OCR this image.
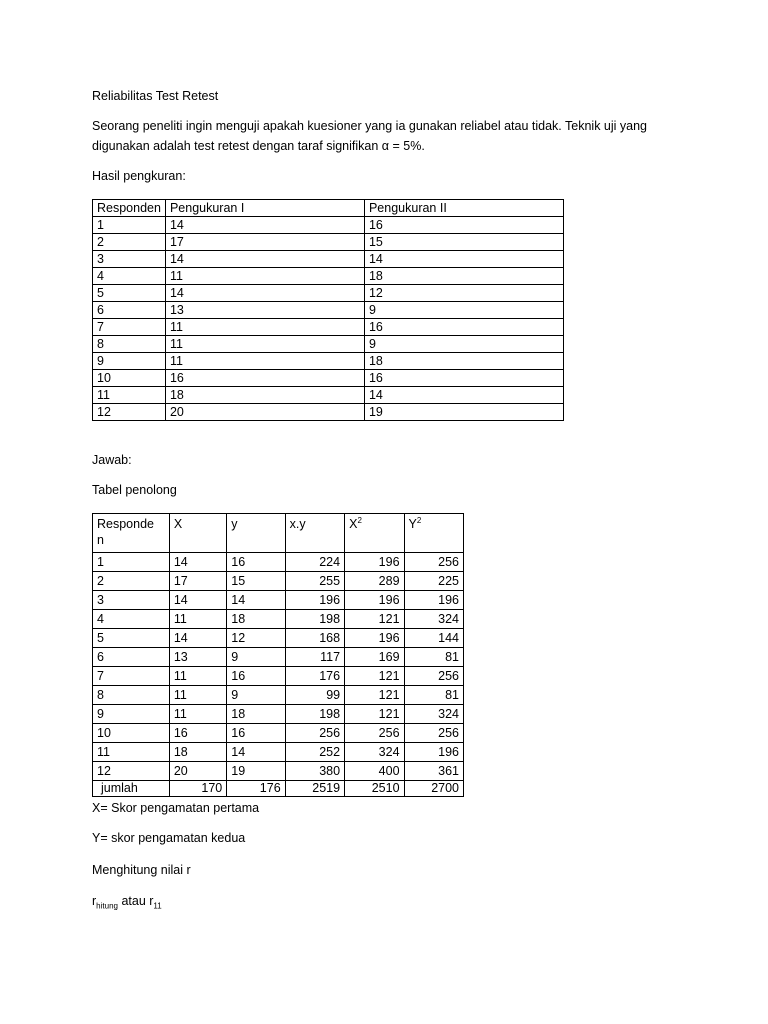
Reliabilitas Test Retest

Seorang peneliti ingin menguji apakah kuesioner yang ia gunakan reliabel atau tidak. Teknik uji yang

digunakan adalah test retest dengan taraf signifikan α = 5%.

Hasil pengkuran:

Responden	Pengukuran I	Pengukuran II
1	14	16
2	17	15
3	14	14
4	11	18
5	14	12
6	13	9
7	11	16
8	11	9
9	11	18
10	16	16
11	18	14
12	20	19

Jawab:

Tabel penolong

Responde
n	X	y	x.y	$X^2$	$Y^2$
1	14	16	224	196	256
2	17	15	255	289	225
3	14	14	196	196	196
4	11	18	198	121	324
5	14	12	168	196	144
6	13	9	117	169	81
7	11	16	176	121	256
8	11	9	99	121	81
9	11	18	198	121	324
10	16	16	256	256	256
11	18	14	252	324	196
12	20	19	380	400	361
jumlah	170	176	2519	2510	2700

X= Skor pengamatan pertama

Y= skor pengamatan kedua

Menghitung nilai r

$r_{hitung}$ atau $r_{11}$
